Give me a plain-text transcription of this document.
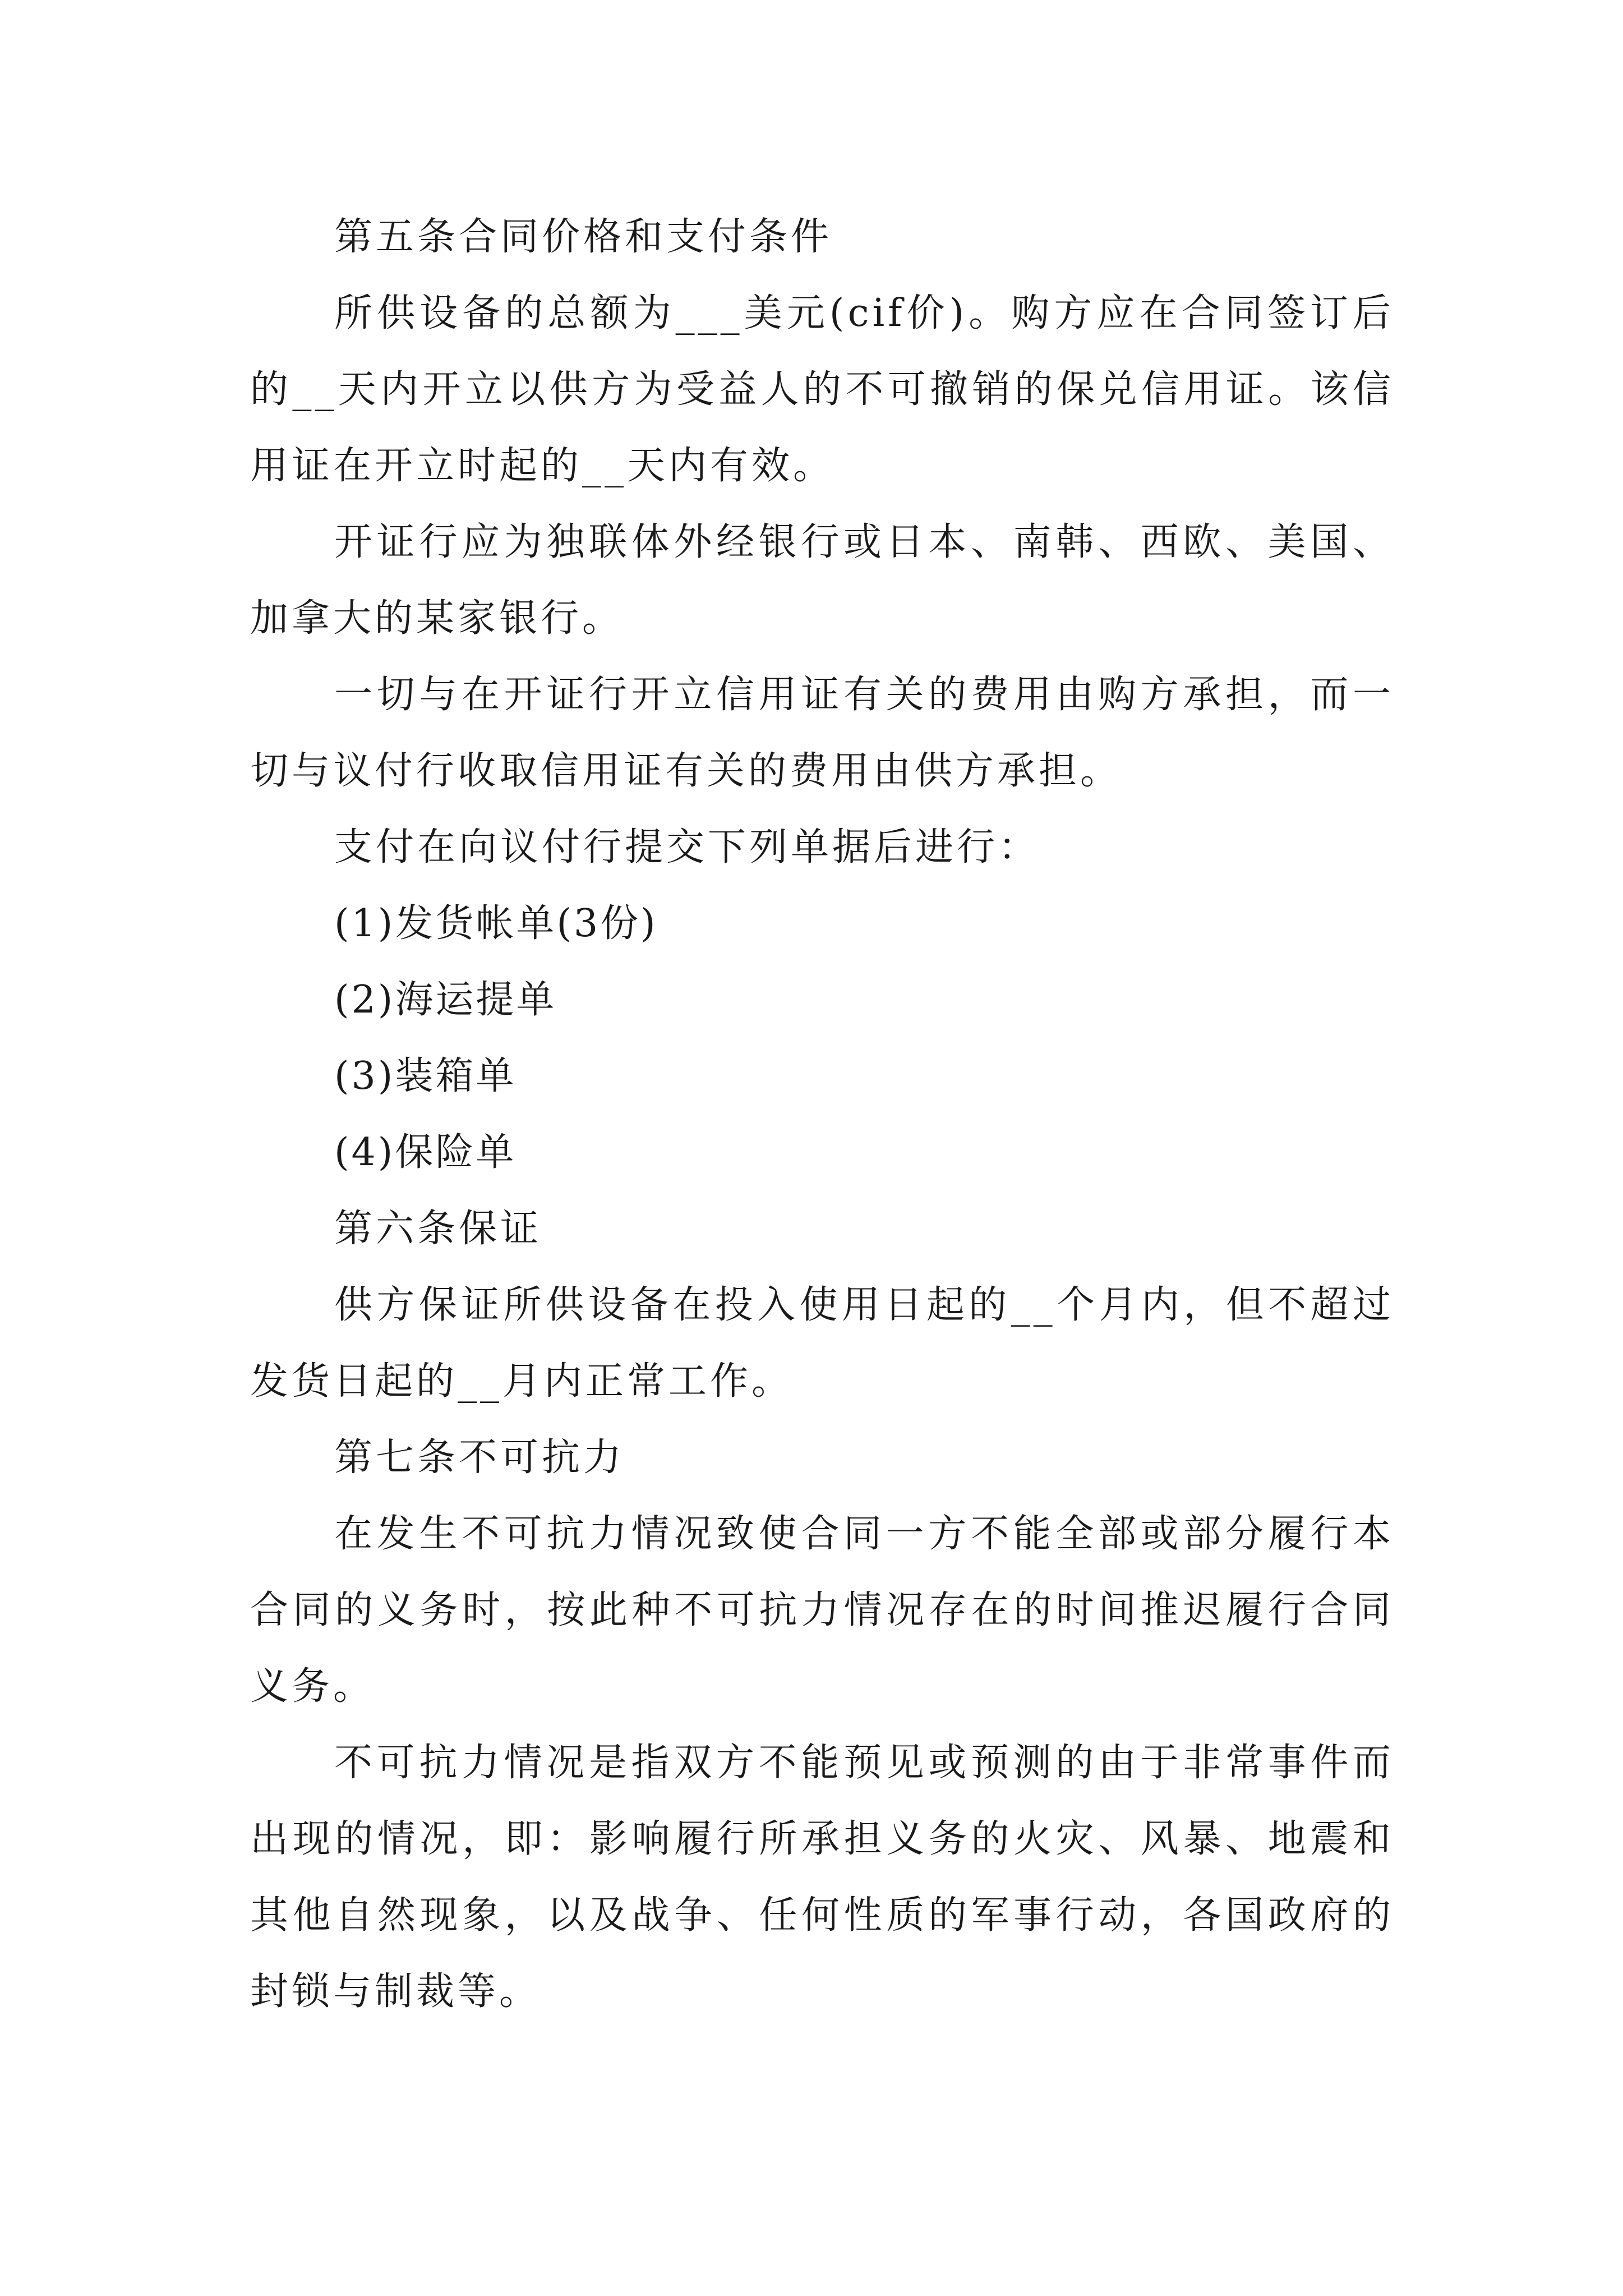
第五条合同价格和支付条件

所供设备的总额为___美元(cif价)。购方应在合同签订后的__天内开立以供方为受益人的不可撤销的保兑信用证。该信用证在开立时起的__天内有效。

开证行应为独联体外经银行或日本、南韩、西欧、美国、加拿大的某家银行。

一切与在开证行开立信用证有关的费用由购方承担，而一切与议付行收取信用证有关的费用由供方承担。

支付在向议付行提交下列单据后进行：

(1)发货帐单(3份)

(2)海运提单

(3)装箱单

(4)保险单

第六条保证

供方保证所供设备在投入使用日起的__个月内，但不超过发货日起的__月内正常工作。

第七条不可抗力

在发生不可抗力情况致使合同一方不能全部或部分履行本合同的义务时，按此种不可抗力情况存在的时间推迟履行合同义务。

不可抗力情况是指双方不能预见或预测的由于非常事件而出现的情况，即：影响履行所承担义务的火灾、风暴、地震和其他自然现象，以及战争、任何性质的军事行动，各国政府的封锁与制裁等。
